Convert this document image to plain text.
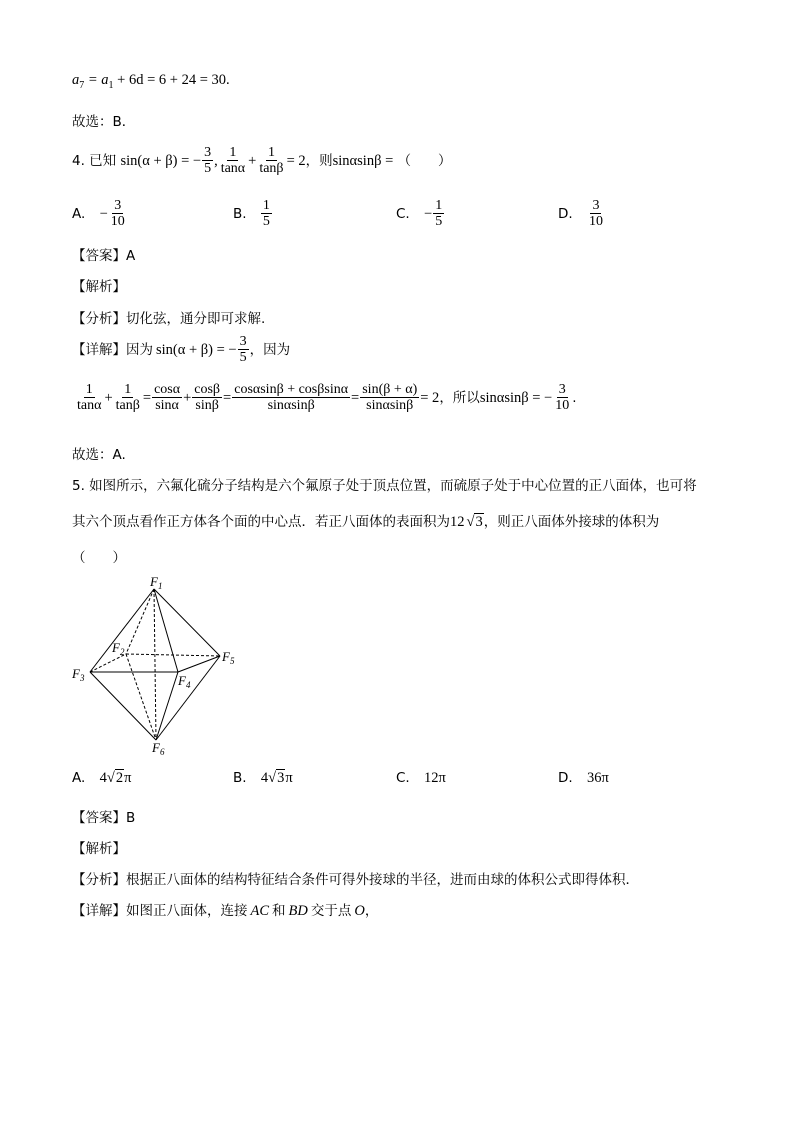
$a_7 = a_1 + 6d = 6 + 24 = 30$.
故选：B．
4. 已知 sin(α + β) = − $\frac{3}{5}$ , $\frac{1}{\tan\alpha} + \frac{1}{\tan\beta} = 2$，则sinαsinβ = （　　）
A. − $\frac{3}{10}$	B. $\frac{1}{5}$	C. − $\frac{1}{5}$	D. $\frac{3}{10}$
【答案】A
【解析】
【分析】切化弦，通分即可求解.
【详解】因为 sin(α + β) = − $\frac{3}{5}$ ，因为
$\frac{1}{\tan\alpha} + \frac{1}{\tan\beta} = \frac{\cos\alpha}{\sin\alpha} + \frac{\cos\beta}{\sin\beta} = \frac{\cos\alpha\sin\beta + \cos\beta\sin\alpha}{\sin\alpha\sin\beta} = \frac{\sin(\beta + \alpha)}{\sin\alpha\sin\beta} = 2$，所以sinαsinβ = − $\frac{3}{10}$ .
故选：A.
5. 如图所示，六氟化硫分子结构是六个氟原子处于顶点位置，而硫原子处于中心位置的正八面体，也可将
其六个顶点看作正方体各个面的中心点．若正八面体的表面积为12 √3，则正八面体外接球的体积为
（　　）
$F_1$
$F_2$
$F_3$	$F_4$
$F_5$
$F_6$
A. 4√2π	B. 4√3π	C. 12π	D. 36π
【答案】B
【解析】
【分析】根据正八面体的结构特征结合条件可得外接球的半径，进而由球的体积公式即得体积．
【详解】如图正八面体，连接 AC 和 BD 交于点 O，
